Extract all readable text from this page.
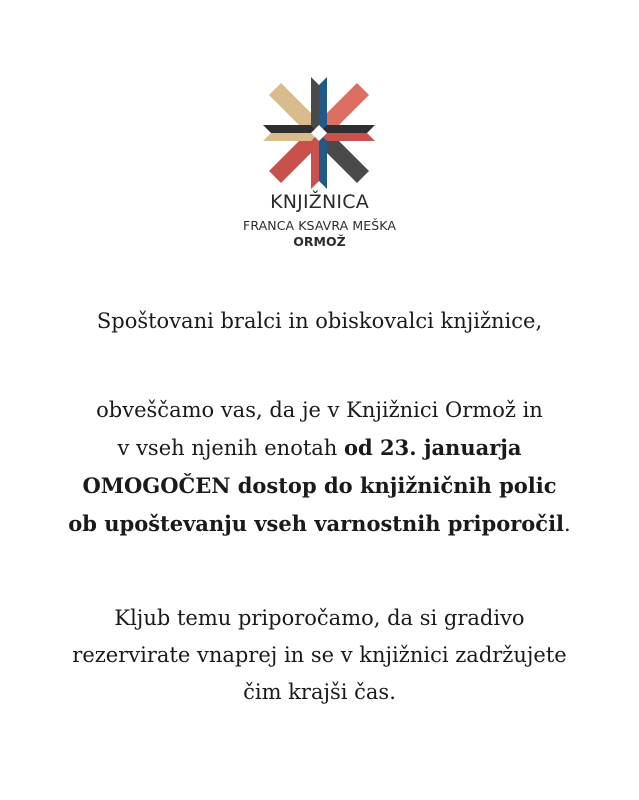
KNJIŽNICA
FRANCA KSAVRA MEŠKA
ORMOŽ

Spoštovani bralci in obiskovalci knjižnice,

obveščamo vas, da je v Knjižnici Ormož in
v vseh njenih enotah od 23. januarja
OMOGOČEN dostop do knjižničnih polic
ob upoštevanju vseh varnostnih priporočil.

Kljub temu priporočamo, da si gradivo
rezervirate vnaprej in se v knjižnici zadržujete
čim krajši čas.
